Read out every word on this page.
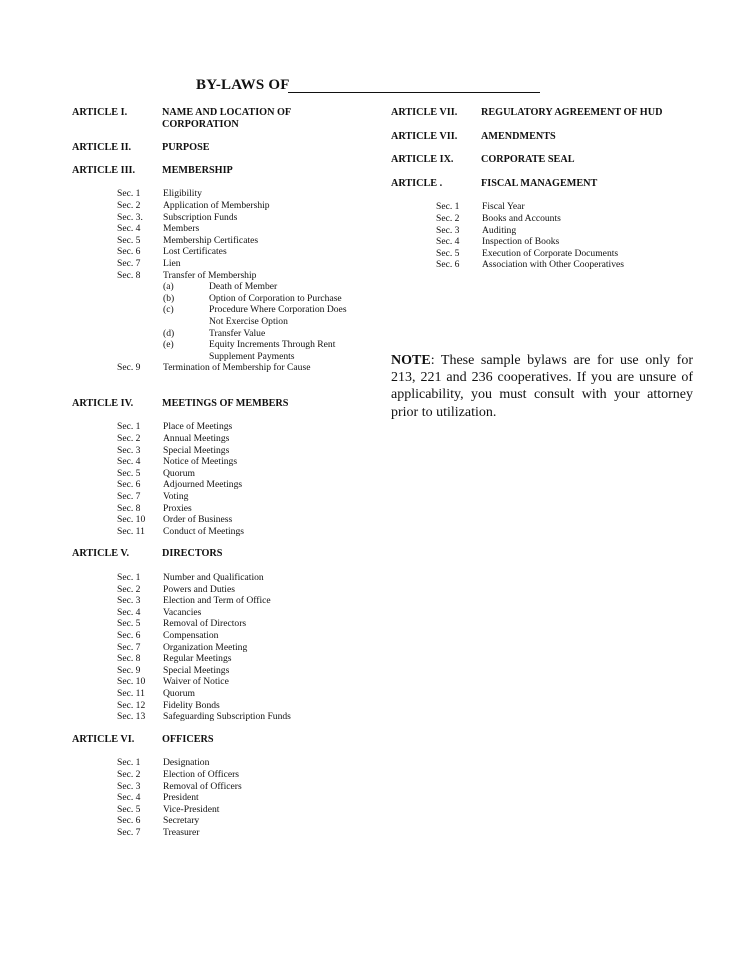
BY-LAWS OF
ARTICLE I.	NAME AND LOCATION OF CORPORATION
ARTICLE II.	PURPOSE
ARTICLE III.	MEMBERSHIP
Sec. 1	Eligibility
Sec. 2	Application of Membership
Sec. 3.	Subscription Funds
Sec. 4	Members
Sec. 5	Membership Certificates
Sec. 6	Lost Certificates
Sec. 7	Lien
Sec. 8	Transfer of Membership
(a)	Death of Member
(b)	Option of Corporation to Purchase
(c)	Procedure Where Corporation Does Not Exercise Option
(d)	Transfer Value
(e)	Equity Increments Through Rent Supplement Payments
Sec. 9	Termination of Membership for Cause
ARTICLE IV.	MEETINGS OF MEMBERS
Sec. 1	Place of Meetings
Sec. 2	Annual Meetings
Sec. 3	Special Meetings
Sec. 4	Notice of Meetings
Sec. 5	Quorum
Sec. 6	Adjourned Meetings
Sec. 7	Voting
Sec. 8	Proxies
Sec. 10	Order of Business
Sec. 11	Conduct of Meetings
ARTICLE V.	DIRECTORS
Sec. 1	Number and Qualification
Sec. 2	Powers and Duties
Sec. 3	Election and Term of Office
Sec. 4	Vacancies
Sec. 5	Removal of Directors
Sec. 6	Compensation
Sec. 7	Organization Meeting
Sec. 8	Regular Meetings
Sec. 9	Special Meetings
Sec. 10	Waiver of Notice
Sec. 11	Quorum
Sec. 12	Fidelity Bonds
Sec. 13	Safeguarding Subscription Funds
ARTICLE VI.	OFFICERS
Sec. 1	Designation
Sec. 2	Election of Officers
Sec. 3	Removal of Officers
Sec. 4	President
Sec. 5	Vice-President
Sec. 6	Secretary
Sec. 7	Treasurer
ARTICLE VII.	REGULATORY AGREEMENT OF HUD
ARTICLE VII.	AMENDMENTS
ARTICLE IX.	CORPORATE SEAL
ARTICLE .	FISCAL MANAGEMENT
Sec. 1	Fiscal Year
Sec. 2	Books and Accounts
Sec. 3	Auditing
Sec. 4	Inspection of Books
Sec. 5	Execution of Corporate Documents
Sec. 6	Association with Other Cooperatives
NOTE: These sample bylaws are for use only for 213, 221 and 236 cooperatives. If you are unsure of applicability, you must consult with your attorney prior to utilization.
